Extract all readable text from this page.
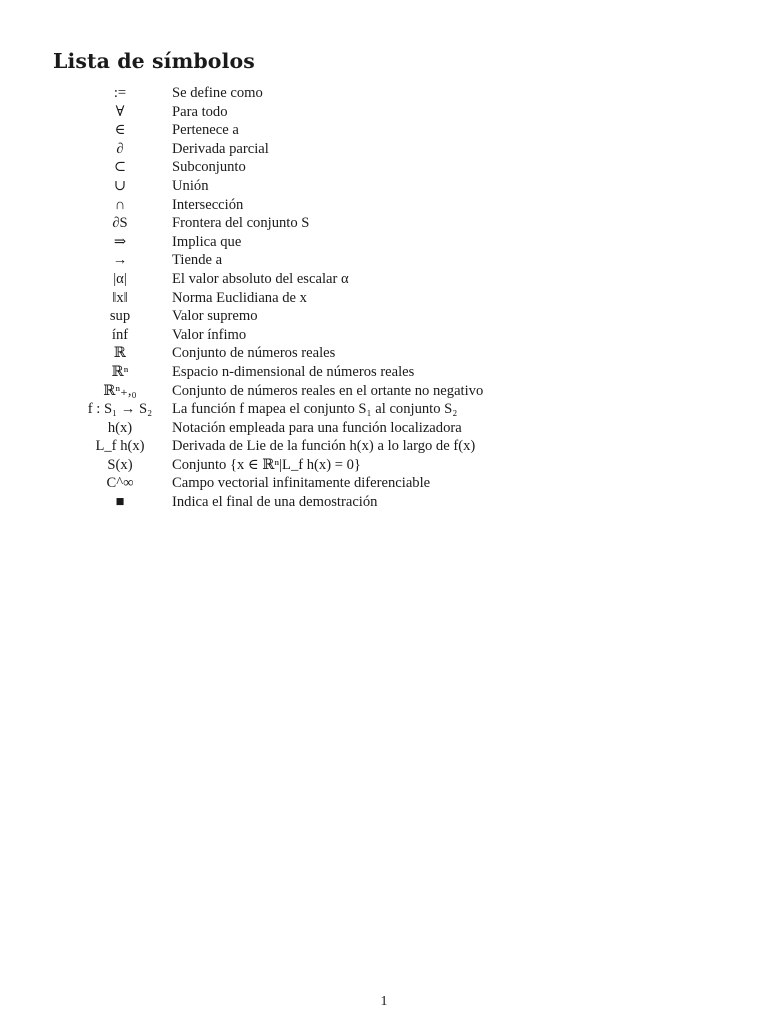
Lista de símbolos
:=	Se define como
∀	Para todo
∈	Pertenece a
∂	Derivada parcial
⊂	Subconjunto
∪	Unión
∩	Intersección
∂S	Frontera del conjunto S
⇒	Implica que
→	Tiende a
|α|	El valor absoluto del escalar α
‖x‖	Norma Euclidiana de x
sup	Valor supremo
ínf	Valor ínfimo
ℝ	Conjunto de números reales
ℝⁿ	Espacio n-dimensional de números reales
ℝⁿ₊,₀	Conjunto de números reales en el ortante no negativo
f : S₁ → S₂	La función f mapea el conjunto S₁ al conjunto S₂
h(x)	Notación empleada para una función localizadora
L_f h(x)	Derivada de Lie de la función h(x) a lo largo de f(x)
S(x)	Conjunto {x ∈ ℝⁿ|L_f h(x) = 0}
C^∞	Campo vectorial infinitamente diferenciable
■	Indica el final de una demostración
1
